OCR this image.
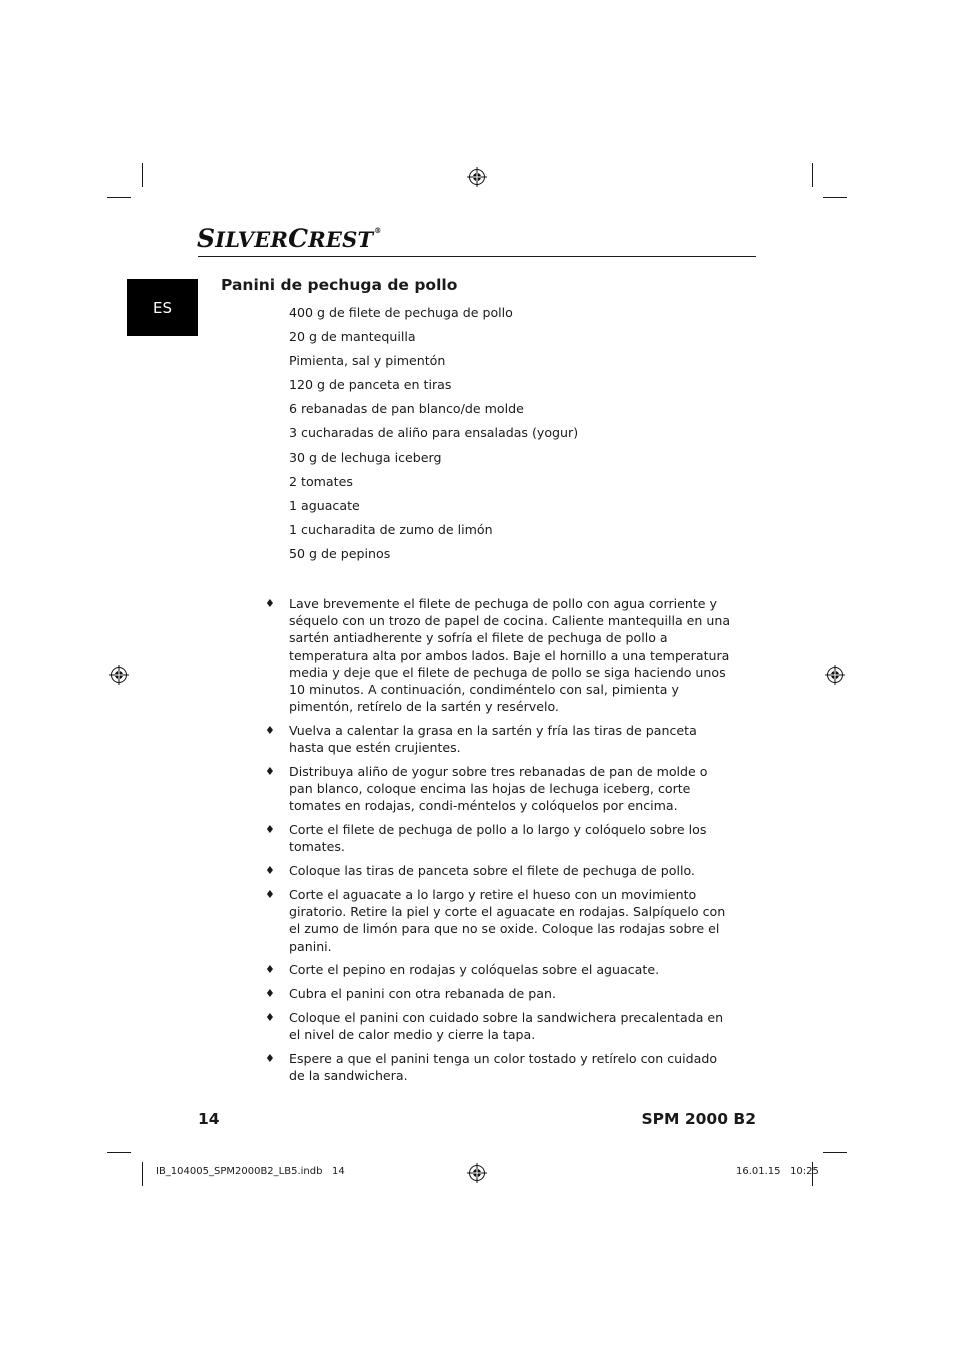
SILVERCREST®
ES
Panini de pechuga de pollo
400 g de filete de pechuga de pollo
20 g de mantequilla
Pimienta, sal y pimentón
120 g de panceta en tiras
6 rebanadas de pan blanco/de molde
3 cucharadas de aliño para ensaladas (yogur)
30 g de lechuga iceberg
2 tomates
1 aguacate
1 cucharadita de zumo de limón
50 g de pepinos
♦ Lave brevemente el filete de pechuga de pollo con agua corriente y séquelo con un trozo de papel de cocina. Caliente mantequilla en una sartén antiadherente y sofría el filete de pechuga de pollo a temperatura alta por ambos lados. Baje el hornillo a una temperatura media y deje que el filete de pechuga de pollo se siga haciendo unos 10 minutos. A continuación, condiméntelo con sal, pimienta y pimentón, retírelo de la sartén y resérvelo.
♦ Vuelva a calentar la grasa en la sartén y fría las tiras de panceta hasta que estén crujientes.
♦ Distribuya aliño de yogur sobre tres rebanadas de pan de molde o pan blanco, coloque encima las hojas de lechuga iceberg, corte tomates en rodajas, condi-méntelos y colóquelos por encima.
♦ Corte el filete de pechuga de pollo a lo largo y colóquelo sobre los tomates.
♦ Coloque las tiras de panceta sobre el filete de pechuga de pollo.
♦ Corte el aguacate a lo largo y retire el hueso con un movimiento giratorio. Retire la piel y corte el aguacate en rodajas. Salpíquelo con el zumo de limón para que no se oxide. Coloque las rodajas sobre el panini.
♦ Corte el pepino en rodajas y colóquelas sobre el aguacate.
♦ Cubra el panini con otra rebanada de pan.
♦ Coloque el panini con cuidado sobre la sandwichera precalentada en el nivel de calor medio y cierre la tapa.
♦ Espere a que el panini tenga un color tostado y retírelo con cuidado de la sandwichera.
14	SPM 2000 B2
IB_104005_SPM2000B2_LB5.indb   14	16.01.15   10:25
